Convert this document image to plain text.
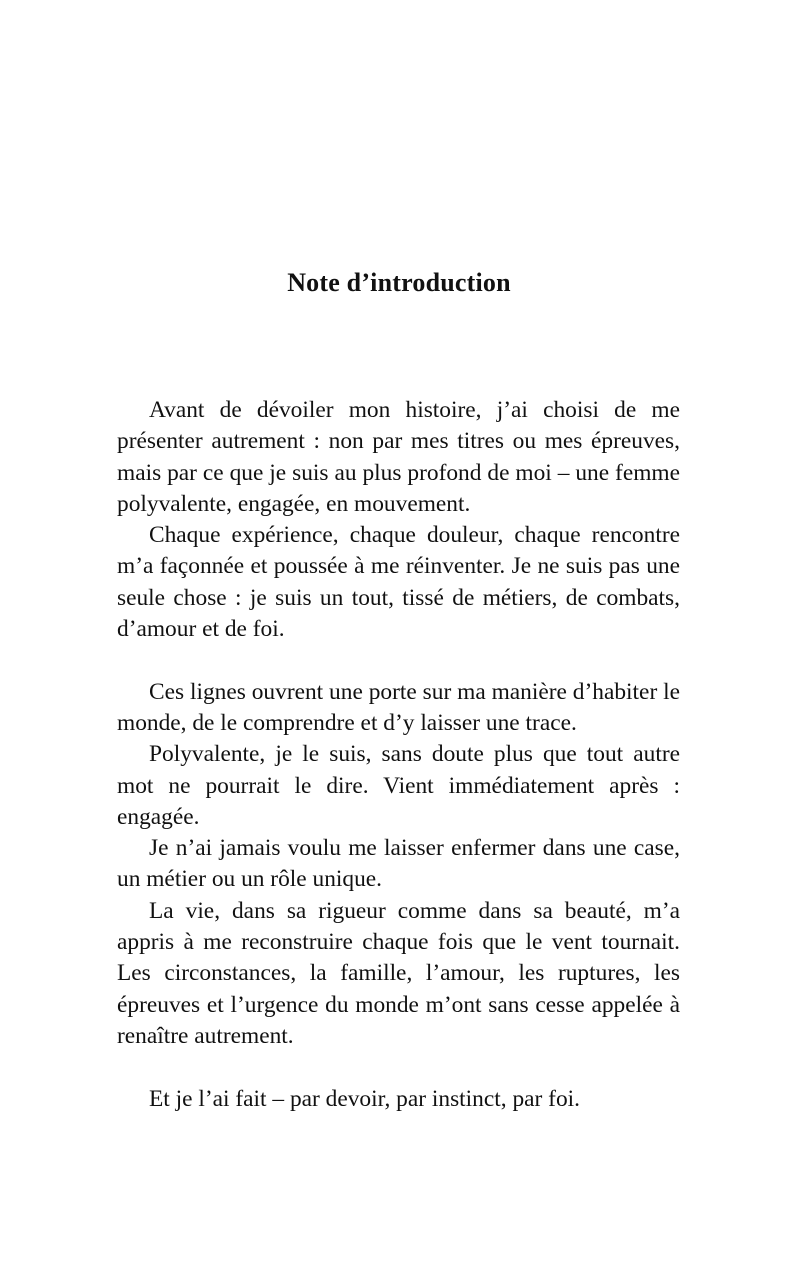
Note d’introduction

Avant de dévoiler mon histoire, j’ai choisi de me présenter autrement : non par mes titres ou mes épreuves, mais par ce que je suis au plus profond de moi – une femme polyvalente, engagée, en mouvement.

Chaque expérience, chaque douleur, chaque rencontre m’a façonnée et poussée à me réinventer. Je ne suis pas une seule chose : je suis un tout, tissé de métiers, de combats, d’amour et de foi.

Ces lignes ouvrent une porte sur ma manière d’habiter le monde, de le comprendre et d’y laisser une trace.

Polyvalente, je le suis, sans doute plus que tout autre mot ne pourrait le dire. Vient immédiatement après : engagée.

Je n’ai jamais voulu me laisser enfermer dans une case, un métier ou un rôle unique.

La vie, dans sa rigueur comme dans sa beauté, m’a appris à me reconstruire chaque fois que le vent tournait. Les circonstances, la famille, l’amour, les ruptures, les épreuves et l’urgence du monde m’ont sans cesse appelée à renaître autrement.

Et je l’ai fait – par devoir, par instinct, par foi.
